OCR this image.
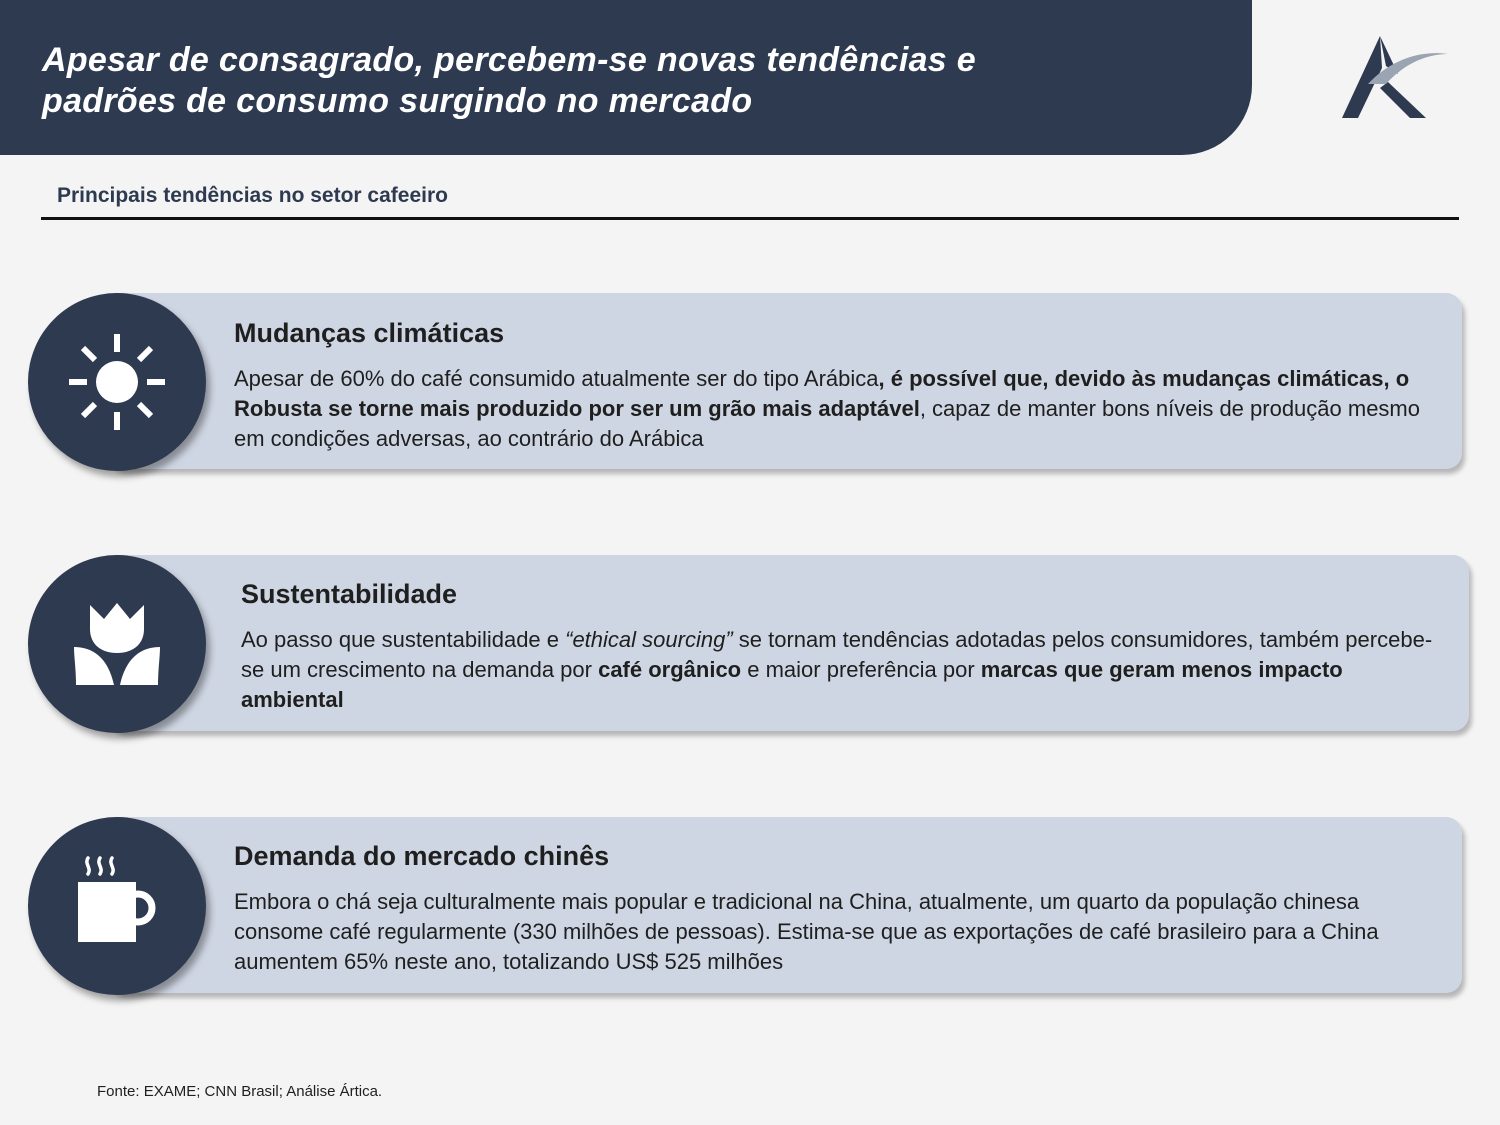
Apesar de consagrado, percebem-se novas tendências e
padrões de consumo surgindo no mercado
Principais tendências no setor cafeeiro
Mudanças climáticas
Apesar de 60% do café consumido atualmente ser do tipo Arábica, é possível que, devido às mudanças climáticas, o Robusta se torne mais produzido por ser um grão mais adaptável, capaz de manter bons níveis de produção mesmo em condições adversas, ao contrário do Arábica
Sustentabilidade
Ao passo que sustentabilidade e “ethical sourcing” se tornam tendências adotadas pelos consumidores, também percebe-se um crescimento na demanda por café orgânico e maior preferência por marcas que geram menos impacto ambiental
Demanda do mercado chinês
Embora o chá seja culturalmente mais popular e tradicional na China, atualmente, um quarto da população chinesa consome café regularmente (330 milhões de pessoas). Estima-se que as exportações de café brasileiro para a China aumentem 65% neste ano, totalizando US$ 525 milhões
Fonte: EXAME; CNN Brasil; Análise Ártica.
